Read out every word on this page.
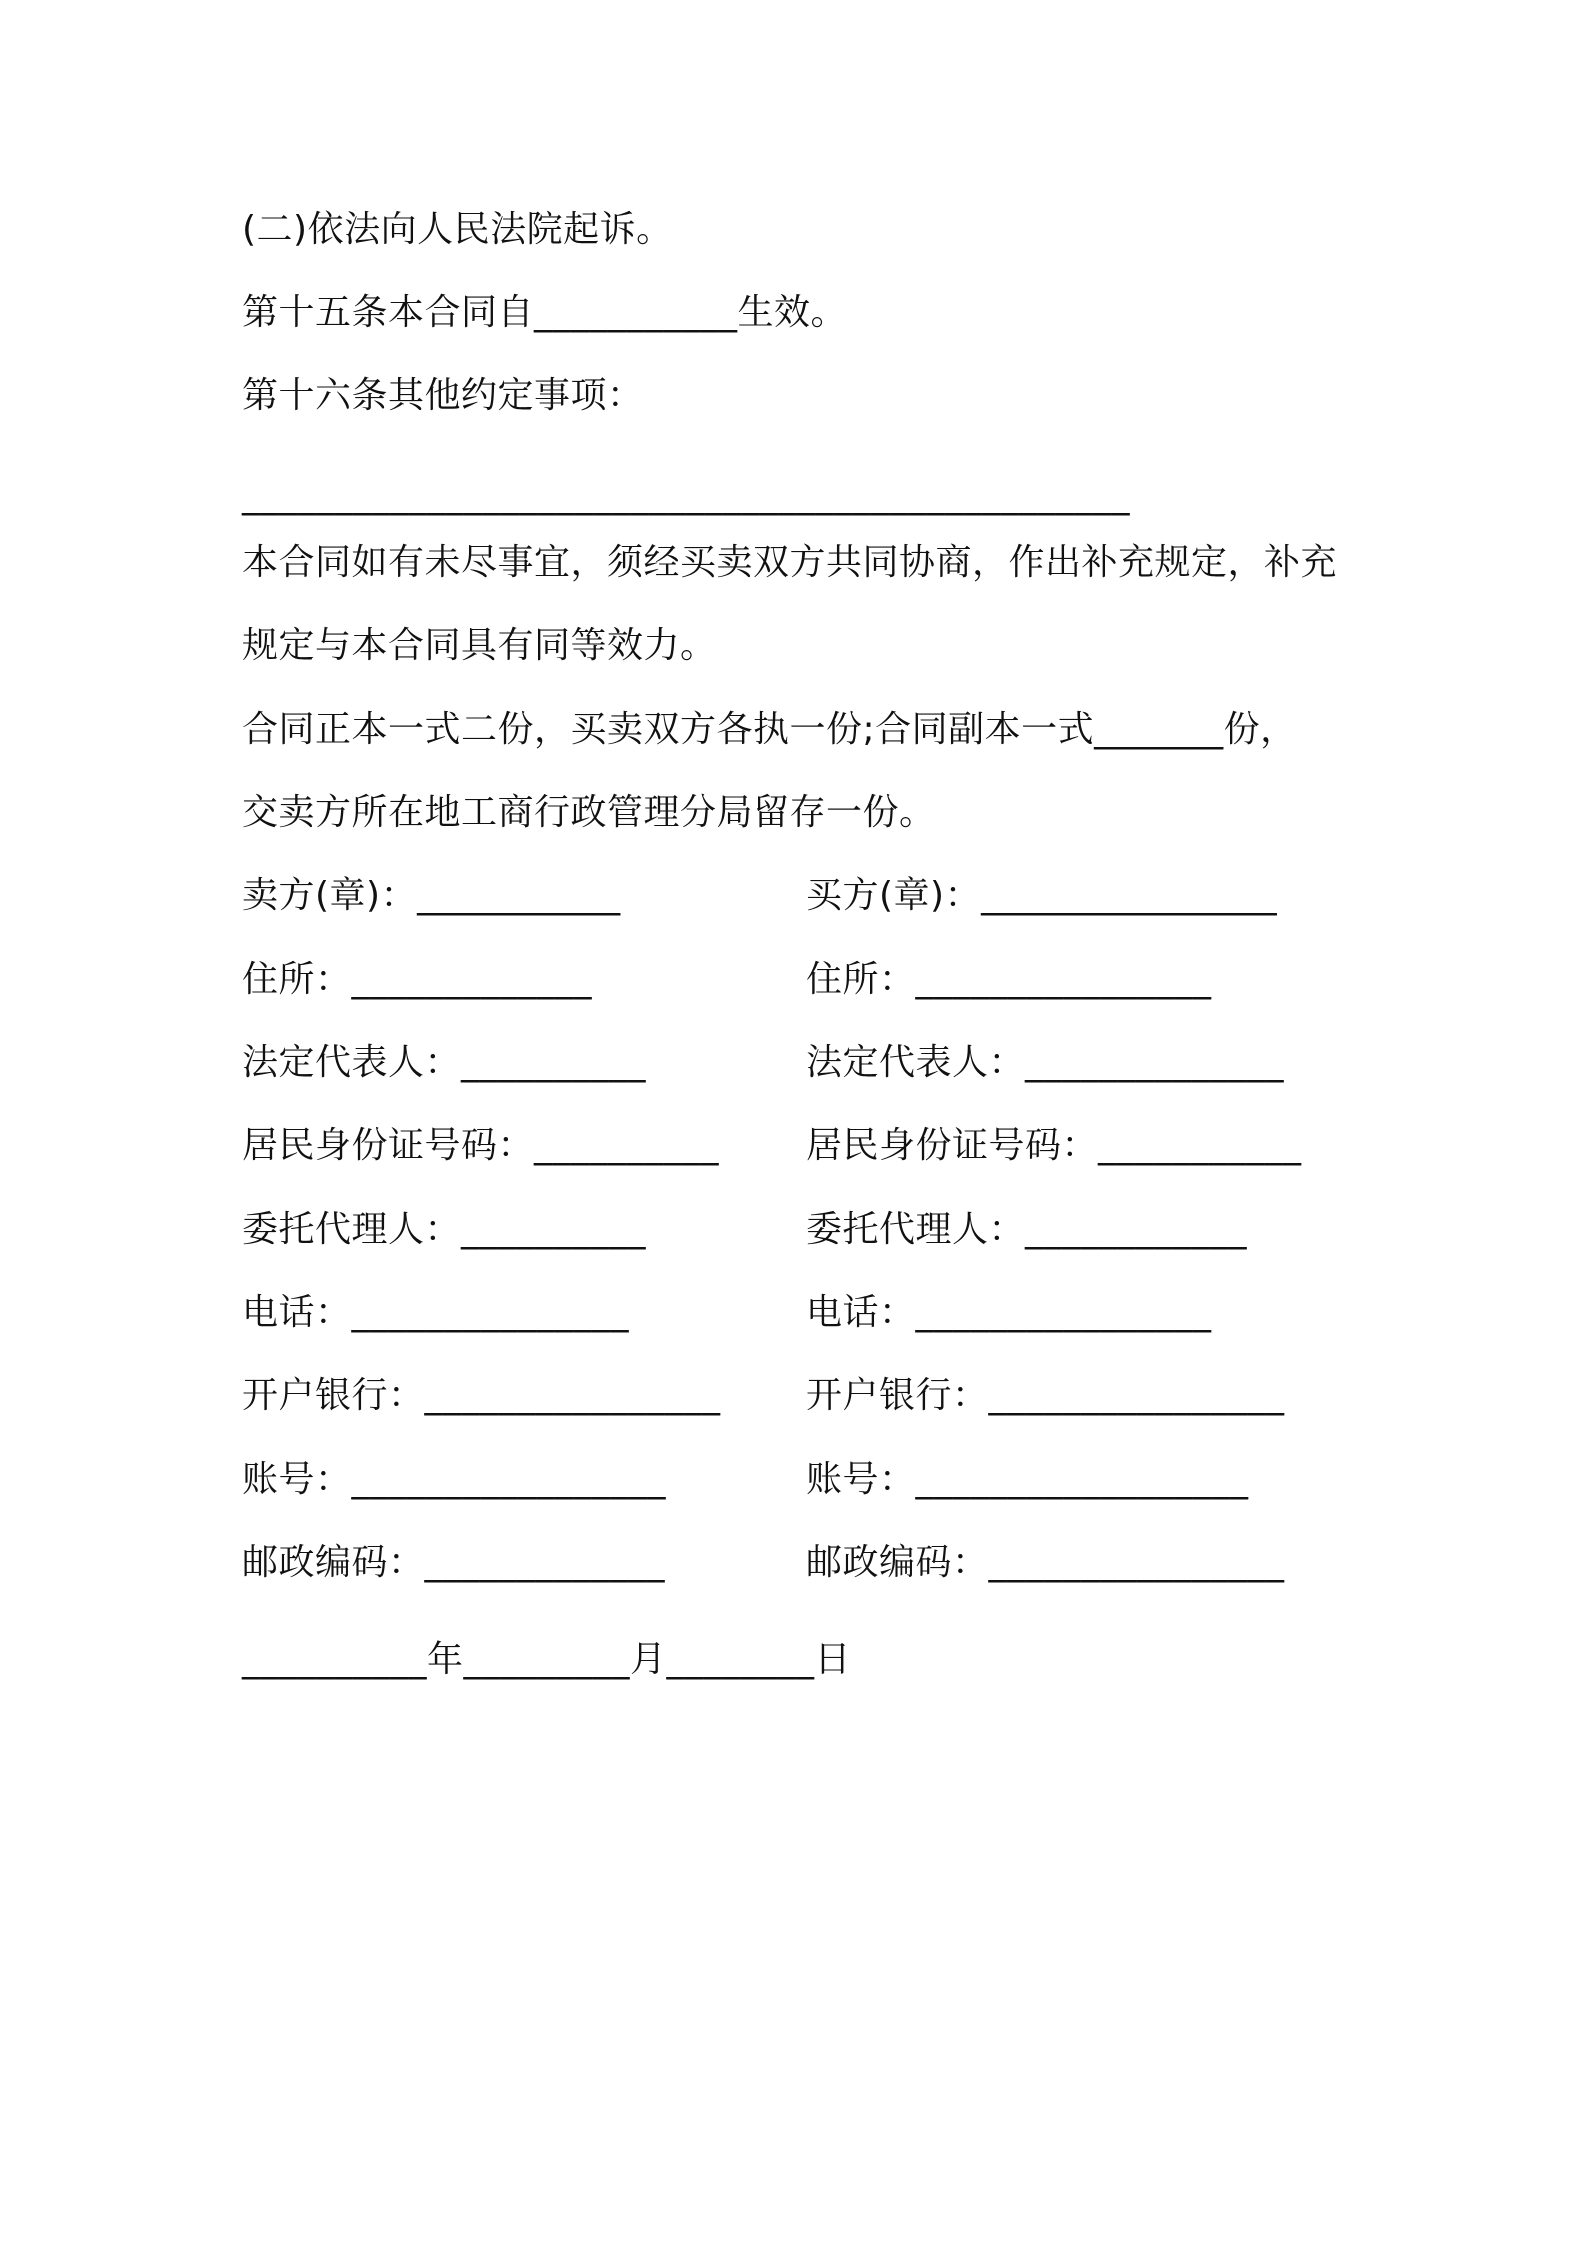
(二)依法向人民法院起诉。
第十五条本合同自___________生效。
第十六条其他约定事项：
________________________________________________
本合同如有未尽事宜，须经买卖双方共同协商，作出补充规定，补充
规定与本合同具有同等效力。
合同正本一式二份，买卖双方各执一份;合同副本一式_______份，
交卖方所在地工商行政管理分局留存一份。
卖方(章)：___________
住所：_____________
法定代表人：__________
居民身份证号码：__________
委托代理人：__________
电话：_______________
开户银行：________________
账号：_________________
邮政编码：_____________
买方(章)：________________
住所：________________
法定代表人：______________
居民身份证号码：___________
委托代理人：____________
电话：________________
开户银行：________________
账号：__________________
邮政编码：________________
__________年_________月________日
